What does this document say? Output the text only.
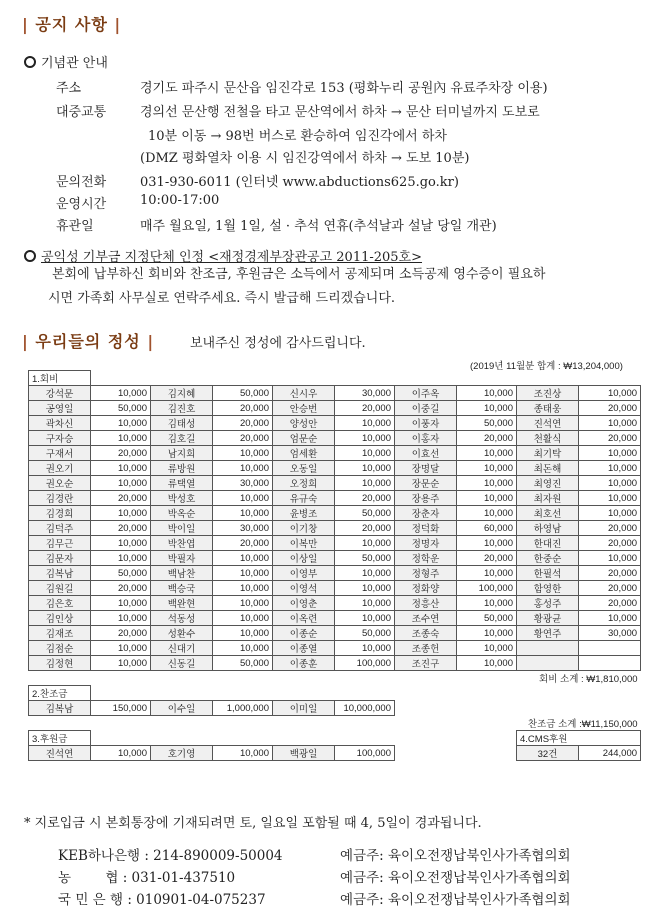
| 공지 사항 |
기념관 안내
주소	경기도 파주시 문산읍 임진각로 153 (평화누리 공원內 유료주차장 이용)
대중교통	경의선 문산행 전철을 타고 문산역에서 하차 → 문산 터미널까지 도보로
10분 이동 → 98번 버스로 환승하여 임진각에서 하차
(DMZ 평화열차 이용 시 임진강역에서 하차 → 도보 10분)
문의전화	031-930-6011 (인터넷 www.abductions625.go.kr)
운영시간	10:00-17:00
휴관일	매주 월요일, 1월 1일, 설 · 추석 연휴(추석날과 설날 당일 개관)
공익성 기부금 지정단체 인정 <재정경제부장관공고 2011-205호>
본회에 납부하신 회비와 찬조금, 후원금은 소득에서 공제되며 소득공제 영수증이 필요하
시면 가족회 사무실로 연락주세요. 즉시 발급해 드리겠습니다.
| 우리들의 정성 |	보내주신 정성에 감사드립니다.
(2019년 11월분 합계 : ₩13,204,000)
1.회비									
강석문	10,000	김지혜	50,000	신시우	30,000	이주옥	10,000	조진상	10,000
공영일	50,000	김진호	20,000	안승번	20,000	이중길	10,000	종태웅	20,000
곽차신	10,000	김태성	20,000	양성안	10,000	이풍자	50,000	진석연	10,000
구자승	10,000	김호길	20,000	엄문순	10,000	이홍자	20,000	천활식	20,000
구재서	20,000	남지희	10,000	엄세환	10,000	이효선	10,000	최기탁	10,000
권오기	10,000	류방원	10,000	오동일	10,000	장명달	10,000	최돈해	10,000
권오순	10,000	류택열	30,000	오정희	10,000	장문순	10,000	최영진	10,000
김경란	20,000	박성호	10,000	유규숙	20,000	장용주	10,000	최자원	10,000
김경희	10,000	박옥순	10,000	윤병조	50,000	장춘자	10,000	최호선	10,000
김덕주	20,000	박이일	30,000	이기창	20,000	정덕화	60,000	하영남	20,000
김무근	10,000	박찬엽	20,000	이복만	10,000	정명자	10,000	한대진	20,000
김문자	10,000	박필자	10,000	이상일	50,000	정학운	20,000	한중순	10,000
김복남	50,000	백남찬	10,000	이영부	10,000	정형주	10,000	한필석	20,000
김원길	20,000	백승국	10,000	이영석	10,000	정화양	100,000	함영한	20,000
김은호	10,000	백완현	10,000	이영춘	10,000	정흥산	10,000	홍성주	20,000
김인상	10,000	석동성	10,000	이옥련	10,000	조수연	50,000	황광균	10,000
김재조	20,000	성환수	10,000	이종순	50,000	조종숙	10,000	황연주	30,000
김점순	10,000	신대기	10,000	이종열	10,000	조종헌	10,000		
김정현	10,000	신동길	50,000	이종훈	100,000	조진구	10,000		
회비 소계 : ₩1,810,000									
2.찬조금									
김복남	150,000	이수일	1,000,000	이미일	10,000,000				
찬조금 소계 :₩11,150,000									
3.후원금								4.CMS후원	
진석연	10,000	호기영	10,000	백광일	100,000			32건	244,000
* 지로입금 시 본회통장에 기재되려면 토, 일요일 포함될 때 4, 5일이 경과됩니다.
KEB하나은행 : 214-890009-50004	예금주: 육이오전쟁납북인사가족협의회
농        협 : 031-01-437510	예금주: 육이오전쟁납북인사가족협의회
국 민 은 행 : 010901-04-075237	예금주: 육이오전쟁납북인사가족협의회
